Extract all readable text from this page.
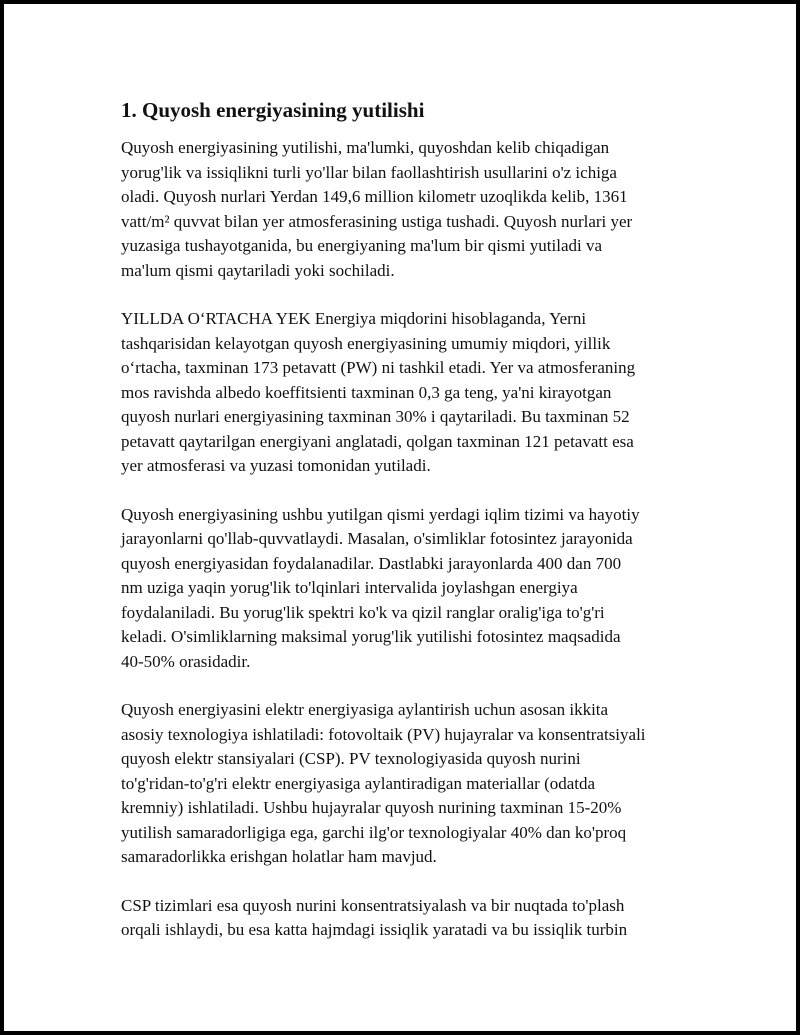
1. Quyosh energiyasining yutilishi

Quyosh energiyasining yutilishi, ma'lumki, quyoshdan kelib chiqadigan
yorug'lik va issiqlikni turli yo'llar bilan faollashtirish usullarini o'z ichiga
oladi. Quyosh nurlari Yerdan 149,6 million kilometr uzoqlikda kelib, 1361
vatt/m² quvvat bilan yer atmosferasining ustiga tushadi. Quyosh nurlari yer
yuzasiga tushayotganida, bu energiyaning ma'lum bir qismi yutiladi va
ma'lum qismi qaytariladi yoki sochiladi.

YILLDA O‘RTACHA YEK Energiya miqdorini hisoblaganda, Yerni
tashqarisidan kelayotgan quyosh energiyasining umumiy miqdori, yillik
o‘rtacha, taxminan 173 petavatt (PW) ni tashkil etadi. Yer va atmosferaning
mos ravishda albedo koeffitsienti taxminan 0,3 ga teng, ya'ni kirayotgan
quyosh nurlari energiyasining taxminan 30% i qaytariladi. Bu taxminan 52
petavatt qaytarilgan energiyani anglatadi, qolgan taxminan 121 petavatt esa
yer atmosferasi va yuzasi tomonidan yutiladi.

Quyosh energiyasining ushbu yutilgan qismi yerdagi iqlim tizimi va hayotiy
jarayonlarni qo'llab-quvvatlaydi. Masalan, o'simliklar fotosintez jarayonida
quyosh energiyasidan foydalanadilar. Dastlabki jarayonlarda 400 dan 700
nm uziga yaqin yorug'lik to'lqinlari intervalida joylashgan energiya
foydalaniladi. Bu yorug'lik spektri ko'k va qizil ranglar oralig'iga to'g'ri
keladi. O'simliklarning maksimal yorug'lik yutilishi fotosintez maqsadida
40-50% orasidadir.

Quyosh energiyasini elektr energiyasiga aylantirish uchun asosan ikkita
asosiy texnologiya ishlatiladi: fotovoltaik (PV) hujayralar va konsentratsiyali
quyosh elektr stansiyalari (CSP). PV texnologiyasida quyosh nurini
to'g'ridan-to'g'ri elektr energiyasiga aylantiradigan materiallar (odatda
kremniy) ishlatiladi. Ushbu hujayralar quyosh nurining taxminan 15-20%
yutilish samaradorligiga ega, garchi ilg'or texnologiyalar 40% dan ko'proq
samaradorlikka erishgan holatlar ham mavjud.

CSP tizimlari esa quyosh nurini konsentratsiyalash va bir nuqtada to'plash
orqali ishlaydi, bu esa katta hajmdagi issiqlik yaratadi va bu issiqlik turbin
